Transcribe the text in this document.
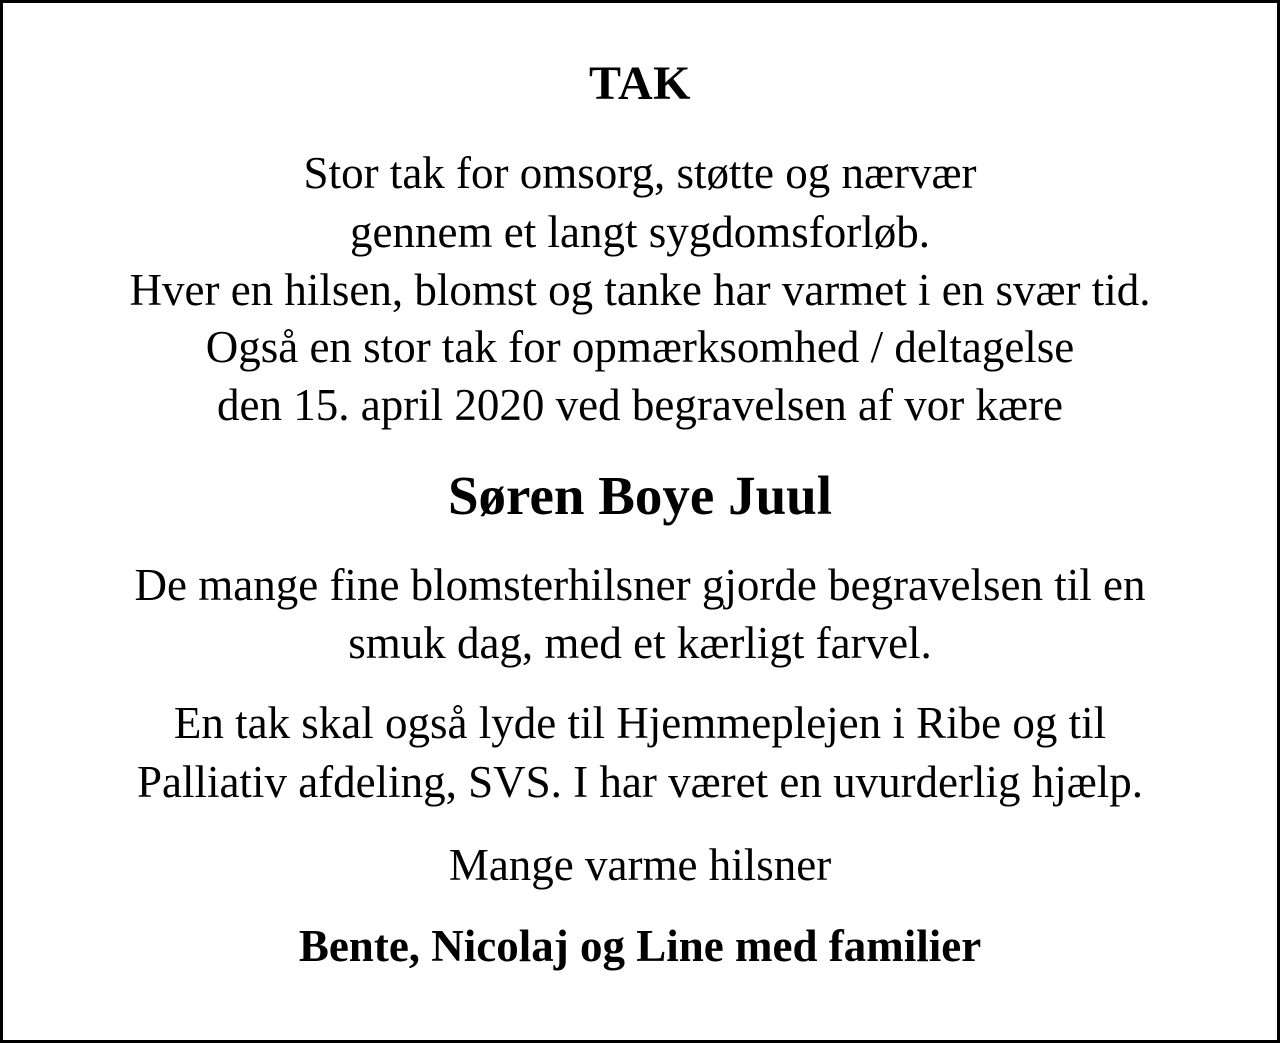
TAK

Stor tak for omsorg, støtte og nærvær

gennem et langt sygdomsforløb.

Hver en hilsen, blomst og tanke har varmet i en svær tid.

Også en stor tak for opmærksomhed / deltagelse

den 15. april 2020 ved begravelsen af vor kære

Søren Boye Juul

De mange fine blomsterhilsner gjorde begravelsen til en

smuk dag, med et kærligt farvel.

En tak skal også lyde til Hjemmeplejen i Ribe og til

Palliativ afdeling, SVS. I har været en uvurderlig hjælp.

Mange varme hilsner

Bente, Nicolaj og Line med familier
